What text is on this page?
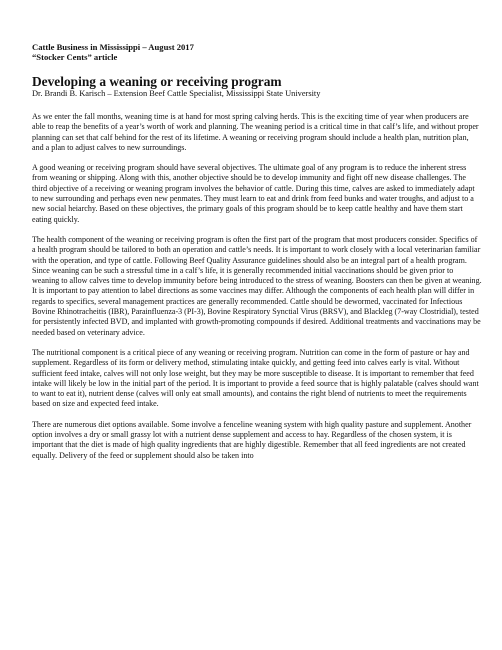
Cattle Business in Mississippi – August 2017

“Stocker Cents” article

Developing a weaning or receiving program

Dr. Brandi B. Karisch – Extension Beef Cattle Specialist, Mississippi State University

As we enter the fall months, weaning time is at hand for most spring calving herds. This is the exciting time of year when producers are able to reap the benefits of a year’s worth of work and planning. The weaning period is a critical time in that calf’s life, and without proper planning can set that calf behind for the rest of its lifetime. A weaning or receiving program should include a health plan, nutrition plan, and a plan to adjust calves to new surroundings.

A good weaning or receiving program should have several objectives. The ultimate goal of any program is to reduce the inherent stress from weaning or shipping. Along with this, another objective should be to develop immunity and fight off new disease challenges. The third objective of a receiving or weaning program involves the behavior of cattle. During this time, calves are asked to immediately adapt to new surrounding and perhaps even new penmates. They must learn to eat and drink from feed bunks and water troughs, and adjust to a new social heiarchy. Based on these objectives, the primary goals of this program should be to keep cattle healthy and have them start eating quickly.

The health component of the weaning or receiving program is often the first part of the program that most producers consider. Specifics of a health program should be tailored to both an operation and cattle’s needs. It is important to work closely with a local veterinarian familiar with the operation, and type of cattle. Following Beef Quality Assurance guidelines should also be an integral part of a health program. Since weaning can be such a stressful time in a calf’s life, it is generally recommended initial vaccinations should be given prior to weaning to allow calves time to develop immunity before being introduced to the stress of weaning. Boosters can then be given at weaning. It is important to pay attention to label directions as some vaccines may differ. Although the components of each health plan will differ in regards to specifics, several management practices are generally recommended. Cattle should be dewormed, vaccinated for Infectious Bovine Rhinotracheitis (IBR), Parainfluenza-3 (PI-3), Bovine Respiratory Synctial Virus (BRSV), and Blackleg (7-way Clostridial), tested for persistently infected BVD, and implanted with growth-promoting compounds if desired. Additional treatments and vaccinations may be needed based on veterinary advice.

The nutritional component is a critical piece of any weaning or receiving program. Nutrition can come in the form of pasture or hay and supplement. Regardless of its form or delivery method, stimulating intake quickly, and getting feed into calves early is vital. Without sufficient feed intake, calves will not only lose weight, but they may be more susceptible to disease. It is important to remember that feed intake will likely be low in the initial part of the period. It is important to provide a feed source that is highly palatable (calves should want to want to eat it), nutrient dense (calves will only eat small amounts), and contains the right blend of nutrients to meet the requirements based on size and expected feed intake.

There are numerous diet options available. Some involve a fenceline weaning system with high quality pasture and supplement. Another option involves a dry or small grassy lot with a nutrient dense supplement and access to hay. Regardless of the chosen system, it is important that the diet is made of high quality ingredients that are highly digestible. Remember that all feed ingredients are not created equally. Delivery of the feed or supplement should also be taken into
